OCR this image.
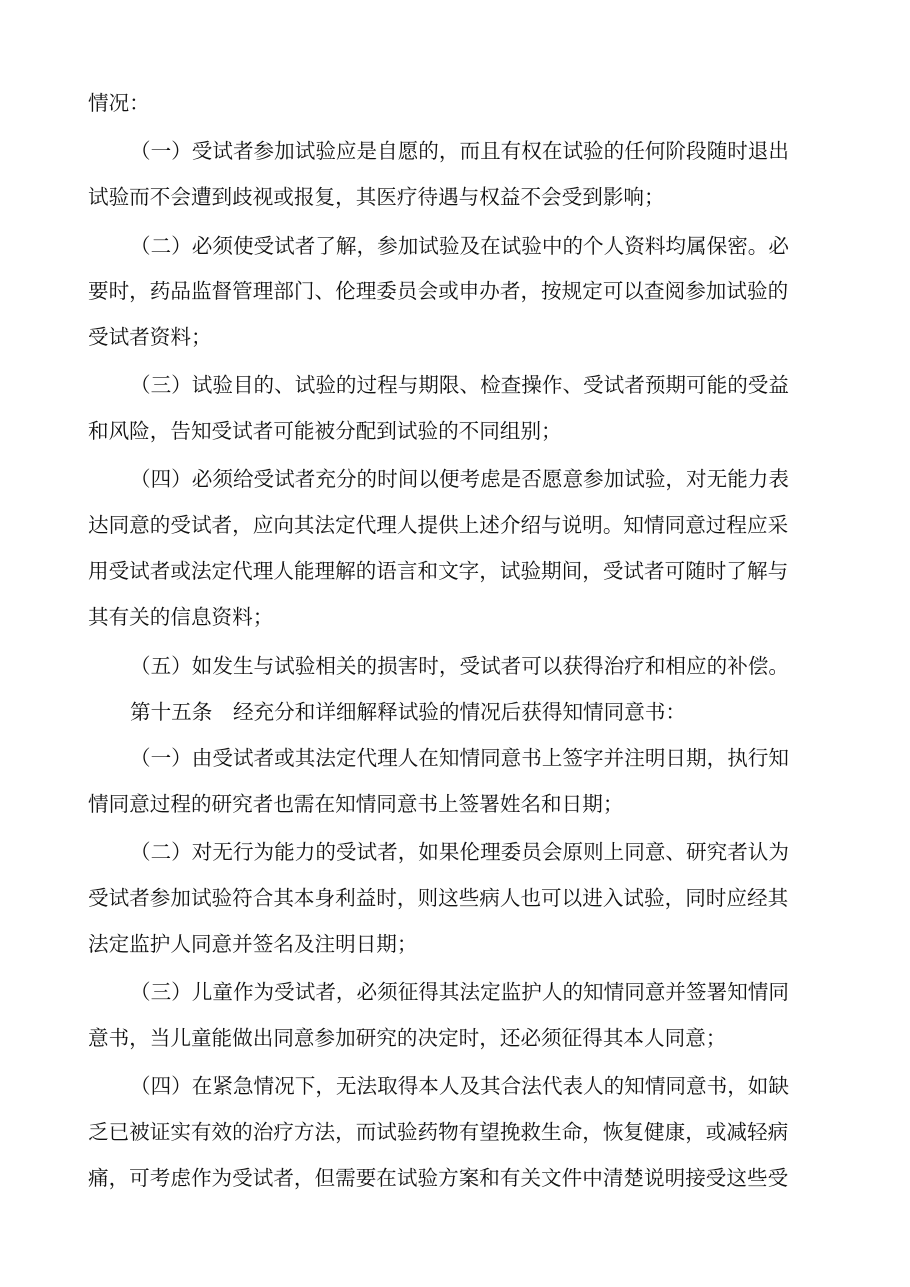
情况：
（一）受试者参加试验应是自愿的，而且有权在试验的任何阶段随时退出
试验而不会遭到歧视或报复，其医疗待遇与权益不会受到影响；
（二）必须使受试者了解，参加试验及在试验中的个人资料均属保密。必
要时，药品监督管理部门、伦理委员会或申办者，按规定可以查阅参加试验的
受试者资料；
（三）试验目的、试验的过程与期限、检查操作、受试者预期可能的受益
和风险，告知受试者可能被分配到试验的不同组别；
（四）必须给受试者充分的时间以便考虑是否愿意参加试验，对无能力表
达同意的受试者，应向其法定代理人提供上述介绍与说明。知情同意过程应采
用受试者或法定代理人能理解的语言和文字，试验期间，受试者可随时了解与
其有关的信息资料；
（五）如发生与试验相关的损害时，受试者可以获得治疗和相应的补偿。
第十五条　经充分和详细解释试验的情况后获得知情同意书：
（一）由受试者或其法定代理人在知情同意书上签字并注明日期，执行知
情同意过程的研究者也需在知情同意书上签署姓名和日期；
（二）对无行为能力的受试者，如果伦理委员会原则上同意、研究者认为
受试者参加试验符合其本身利益时，则这些病人也可以进入试验，同时应经其
法定监护人同意并签名及注明日期；
（三）儿童作为受试者，必须征得其法定监护人的知情同意并签署知情同
意书，当儿童能做出同意参加研究的决定时，还必须征得其本人同意；
（四）在紧急情况下，无法取得本人及其合法代表人的知情同意书，如缺
乏已被证实有效的治疗方法，而试验药物有望挽救生命，恢复健康，或减轻病
痛，可考虑作为受试者，但需要在试验方案和有关文件中清楚说明接受这些受
